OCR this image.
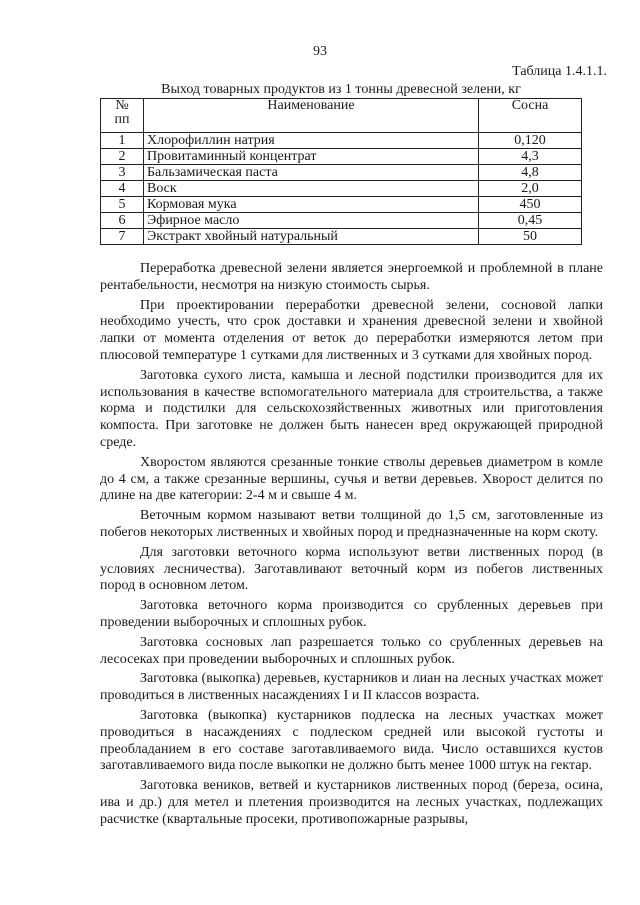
93
Таблица 1.4.1.1.
Выход товарных продуктов из 1 тонны древесной зелени, кг
№
пп	Наименование	Сосна
1	Хлорофиллин натрия	0,120
2	Провитаминный концентрат	4,3
3	Бальзамическая паста	4,8
4	Воск	2,0
5	Кормовая мука	450
6	Эфирное масло	0,45
7	Экстракт хвойный натуральный	50

Переработка древесной зелени является энергоемкой и проблемной в плане рентабельности, несмотря на низкую стоимость сырья.

При проектировании переработки древесной зелени, сосновой лапки необходимо учесть, что срок доставки и хранения древесной зелени и хвойной лапки от момента отделения от веток до переработки измеряются летом при плюсовой температуре 1 сутками для лиственных и 3 сутками для хвойных пород.

Заготовка сухого листа, камыша и лесной подстилки производится для их использования в качестве вспомогательного материала для строительства, а также корма и подстилки для сельскохозяйственных животных или приготовления компоста. При заготовке не должен быть нанесен вред окружающей природной среде.

Хворостом являются срезанные тонкие стволы деревьев диаметром в комле до 4 см, а также срезанные вершины, сучья и ветви деревьев. Хворост делится по длине на две категории: 2-4 м и свыше 4 м.

Веточным кормом называют ветви толщиной до 1,5 см, заготовленные из побегов некоторых лиственных и хвойных пород и предназначенные на корм скоту.

Для заготовки веточного корма используют ветви лиственных пород (в условиях лесничества). Заготавливают веточный корм из побегов лиственных пород в основном летом.

Заготовка веточного корма производится со срубленных деревьев при проведении выборочных и сплошных рубок.

Заготовка сосновых лап разрешается только со срубленных деревьев на лесосеках при проведении выборочных и сплошных рубок.

Заготовка (выкопка) деревьев, кустарников и лиан на лесных участках может проводиться в лиственных насаждениях I и II классов возраста.

Заготовка (выкопка) кустарников подлеска на лесных участках может проводиться в насаждениях с подлеском средней или высокой густоты и преобладанием в его составе заготавливаемого вида. Число оставшихся кустов заготавливаемого вида после выкопки не должно быть менее 1000 штук на гектар.

Заготовка веников, ветвей и кустарников лиственных пород (береза, осина, ива и др.) для метел и плетения производится на лесных участках, подлежащих расчистке (квартальные просеки, противопожарные разрывы,
